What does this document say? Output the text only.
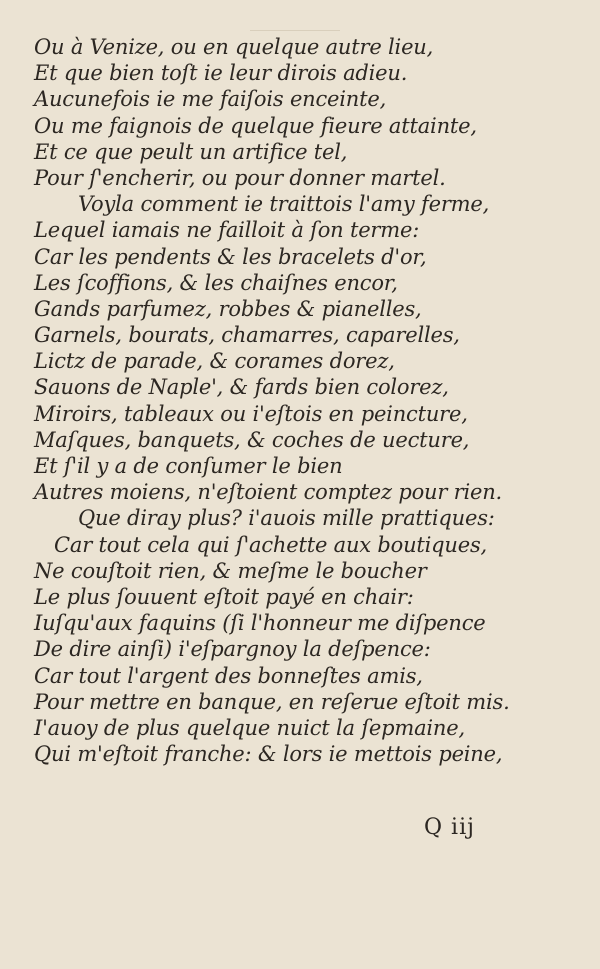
Ou à Venize, ou en quelque autre lieu,
Et que bien toſt ie leur dirois adieu.
Aucunefois ie me faiſois enceinte,
Ou me faignois de quelque fieure attainte,
Et ce que peult un artifice tel,
Pour ſ'encherir, ou pour donner martel.
Voyla comment ie traittois l'amy ferme,
Lequel iamais ne failloit à ſon terme:
Car les pendents & les bracelets d'or,
Les ſcoffions, & les chaiſnes encor,
Gands parfumez, robbes & pianelles,
Garnels, bourats, chamarres, caparelles,
Lictz de parade, & corames dorez,
Sauons de Naple', & fards bien colorez,
Miroirs, tableaux ou i'eſtois en peincture,
Maſques, banquets, & coches de uecture,
Et ſ'il y a de conſumer le bien
Autres moiens, n'eſtoient comptez pour rien.
Que diray plus? i'auois mille prattiques:
Car tout cela qui ſ'achette aux boutiques,
Ne couſtoit rien, & meſme le boucher
Le plus ſouuent eſtoit payé en chair:
Iuſqu'aux faquins (ſi l'honneur me diſpence
De dire ainſi) i'eſpargnoy la deſpence:
Car tout l'argent des bonneſtes amis,
Pour mettre en banque, en reſerue eſtoit mis.
I'auoy de plus quelque nuict la ſepmaine,
Qui m'eſtoit franche: & lors ie mettois peine,
Q iij
